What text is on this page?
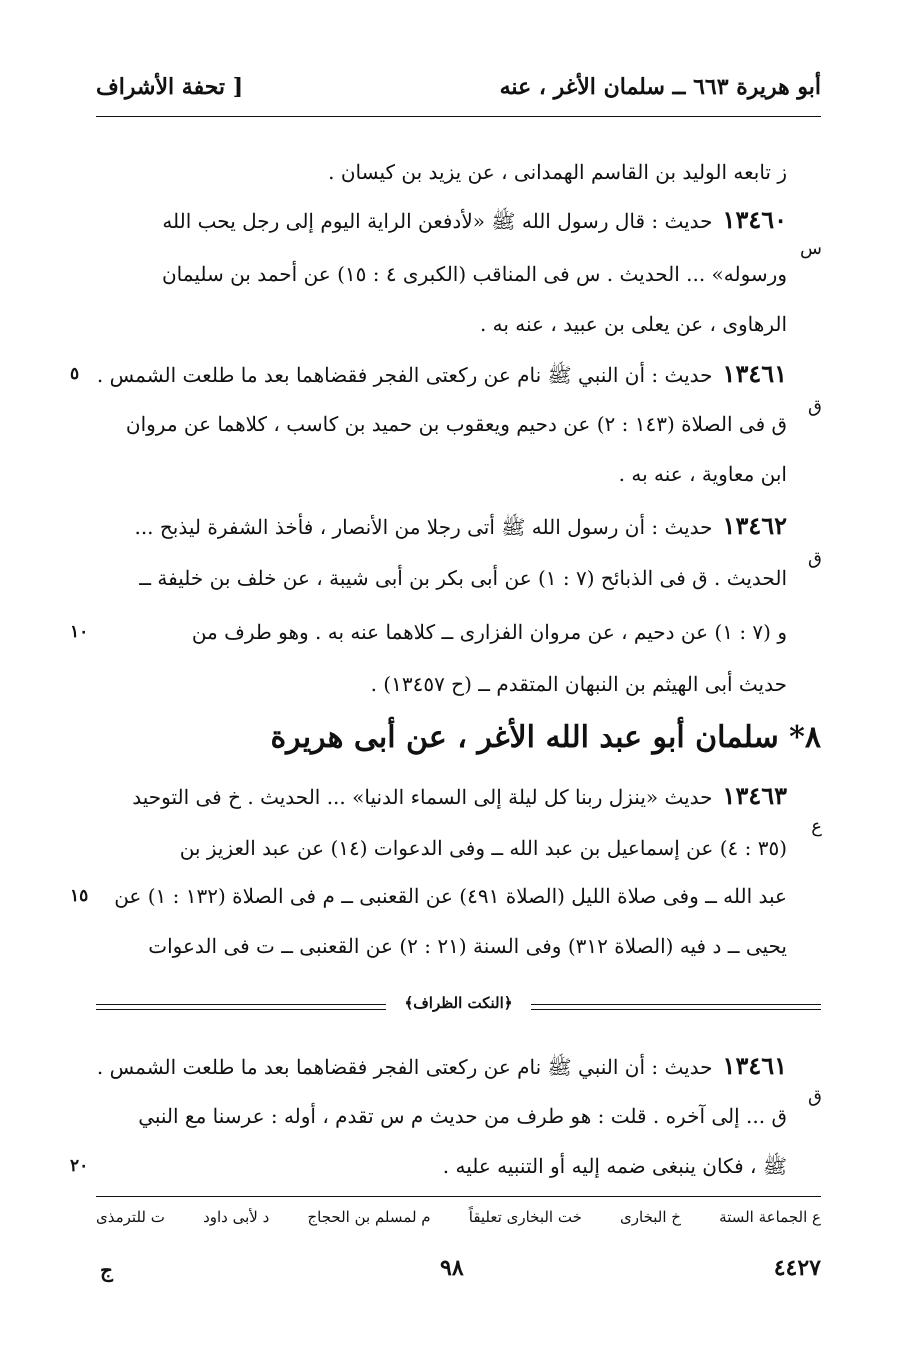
أبو هريرة ٦٦٣ ــ سلمان الأغر ، عنه
[ تحفة الأشراف
ز تابعه الوليد بن القاسم الهمدانى ، عن يزيد بن كيسان .
١٣٤٦٠حديث : قال رسول الله ﷺ «لأدفعن الراية اليوم إلى رجل يحب الله
س
ورسوله» ... الحديث . س فى المناقب (الكبرى ٤ : ١٥) عن أحمد بن سليمان
الرهاوى ، عن يعلى بن عبيد ، عنه به .
١٣٤٦١حديث : أن النبي ﷺ نام عن ركعتى الفجر فقضاهما بعد ما طلعت الشمس .
٥
ق
ق فى الصلاة (١٤٣ : ٢) عن دحيم ويعقوب بن حميد بن كاسب ، كلاهما عن مروان
ابن معاوية ، عنه به .
١٣٤٦٢حديث : أن رسول الله ﷺ أتى رجلا من الأنصار ، فأخذ الشفرة ليذبح ...
ق
الحديث . ق فى الذبائح (٧ : ١) عن أبى بكر بن أبى شيبة ، عن خلف بن خليفة ــ
و (٧ : ١) عن دحيم ، عن مروان الفزارى ــ كلاهما عنه به . وهو طرف من
١٠
حديث أبى الهيثم بن النبهان المتقدم ــ (ح ١٣٤٥٧) .
٨* سلمان أبو عبد الله الأغر ، عن أبى هريرة
١٣٤٦٣حديث «ينزل ربنا كل ليلة إلى السماء الدنيا» ... الحديث . خ فى التوحيد
ع
(٣٥ : ٤) عن إسماعيل بن عبد الله ــ وفى الدعوات (١٤) عن عبد العزيز بن
عبد الله ــ وفى صلاة الليل (الصلاة ٤٩١) عن القعنبى ــ م فى الصلاة (١٣٢ : ١) عن
١٥
يحيى ــ د فيه (الصلاة ٣١٢) وفى السنة (٢١ : ٢) عن القعنبى ــ ت فى الدعوات
﴿النكت الظراف﴾
١٣٤٦١حديث : أن النبي ﷺ نام عن ركعتى الفجر فقضاهما بعد ما طلعت الشمس .
ق
ق ... إلى آخره . قلت : هو طرف من حديث م س تقدم ، أوله : عرسنا مع النبي
ﷺ ، فكان ينبغى ضمه إليه أو التنبيه عليه .
٢٠
ع الجماعة الستة
خ البخارى
خت البخارى تعليقاً
م لمسلم بن الحجاج
د لأبى داود
ت للترمذى
٤٤٢٧
٩٨
ج
